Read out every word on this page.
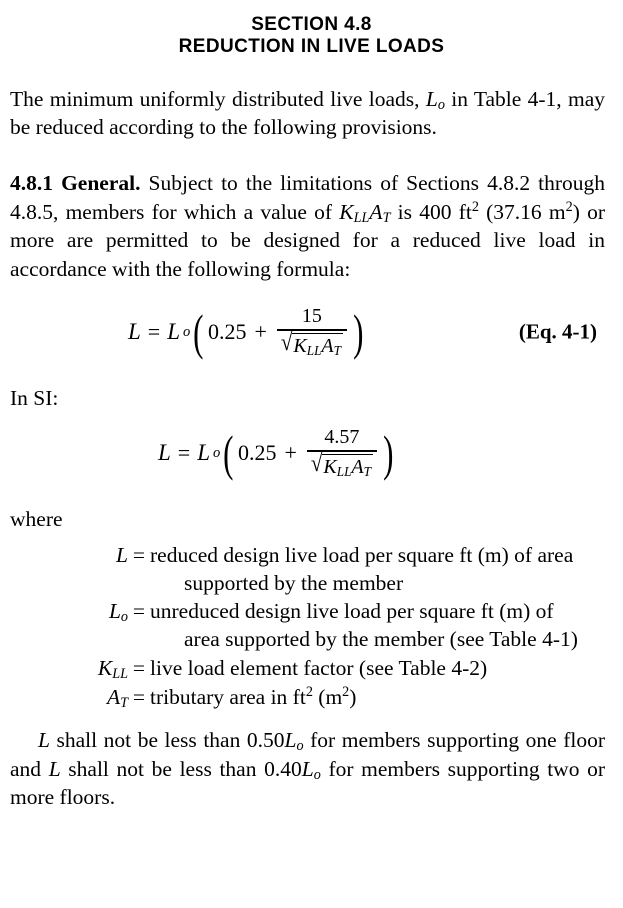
SECTION 4.8
REDUCTION IN LIVE LOADS

The minimum uniformly distributed live loads, $L_o$ in Table 4-1, may be reduced according to the following provisions.

4.8.1 General. Subject to the limitations of Sections 4.8.2 through 4.8.5, members for which a value of $K_{LL}A_T$ is 400 $ft^2$ (37.16 $m^2$) or more are permitted to be designed for a reduced live load in accordance with the following formula:

L = L o ( $0.25 + \frac{15}{√ K_{LL}A_T}$ )	(Eq. 4-1)

In SI:

L = L o ( $0.25 + \frac{4.57}{√ K_{LL}A_T}$ )

where

L = reduced design live load per square ft (m) of area
supported by the member
$L_o$ = unreduced design live load per square ft (m) of
area supported by the member (see Table 4-1)
$K_{LL}$ = live load element factor (see Table 4-2)
$A_T$ = tributary area in $ft^2$ $(m^2)$

L shall not be less than $0.50L_o$ for members supporting one floor and L shall not be less than $0.40L_o$ for members supporting two or more floors.
